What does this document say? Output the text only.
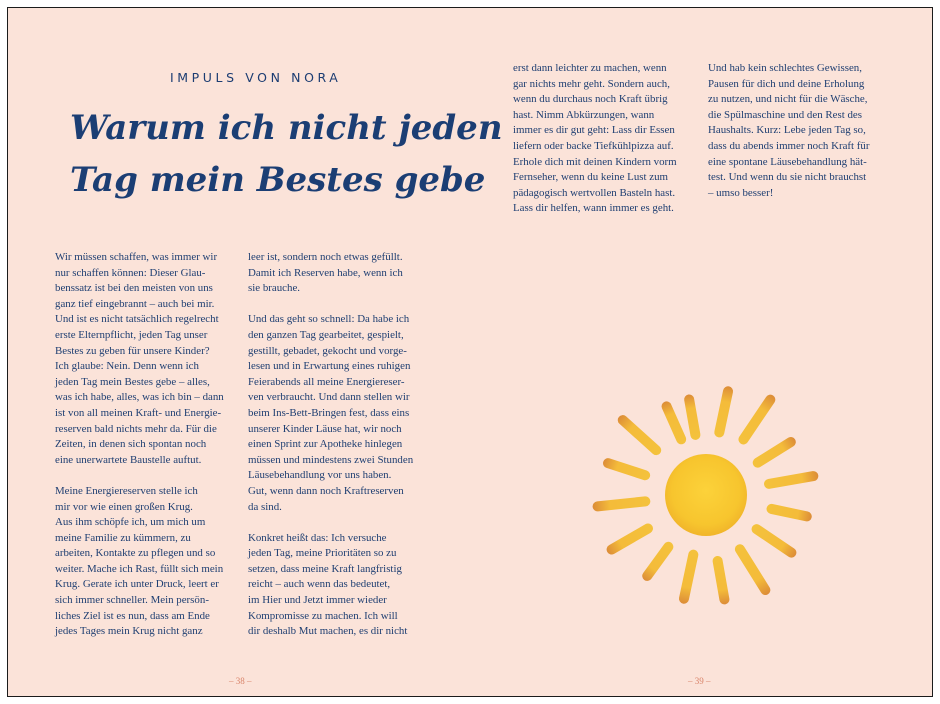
IMPULS VON NORA
Warum ich nicht jeden
Tag mein Bestes gebe

Wir müssen schaffen, was immer wir
nur schaffen können: Dieser Glau-
benssatz ist bei den meisten von uns
ganz tief eingebrannt – auch bei mir.
Und ist es nicht tatsächlich regelrecht
erste Elternpflicht, jeden Tag unser
Bestes zu geben für unsere Kinder?
Ich glaube: Nein. Denn wenn ich
jeden Tag mein Bestes gebe – alles,
was ich habe, alles, was ich bin – dann
ist von all meinen Kraft- und Energie-
reserven bald nichts mehr da. Für die
Zeiten, in denen sich spontan noch
eine unerwartete Baustelle auftut.

Meine Energiereserven stelle ich
mir vor wie einen großen Krug.
Aus ihm schöpfe ich, um mich um
meine Familie zu kümmern, zu
arbeiten, Kontakte zu pflegen und so
weiter. Mache ich Rast, füllt sich mein
Krug. Gerate ich unter Druck, leert er
sich immer schneller. Mein persön-
liches Ziel ist es nun, dass am Ende
jedes Tages mein Krug nicht ganz

leer ist, sondern noch etwas gefüllt.
Damit ich Reserven habe, wenn ich
sie brauche.

Und das geht so schnell: Da habe ich
den ganzen Tag gearbeitet, gespielt,
gestillt, gebadet, gekocht und vorge-
lesen und in Erwartung eines ruhigen
Feierabends all meine Energiereser-
ven verbraucht. Und dann stellen wir
beim Ins-Bett-Bringen fest, dass eins
unserer Kinder Läuse hat, wir noch
einen Sprint zur Apotheke hinlegen
müssen und mindestens zwei Stunden
Läusebehandlung vor uns haben.
Gut, wenn dann noch Kraftreserven
da sind.

Konkret heißt das: Ich versuche
jeden Tag, meine Prioritäten so zu
setzen, dass meine Kraft langfristig
reicht – auch wenn das bedeutet,
im Hier und Jetzt immer wieder
Kompromisse zu machen. Ich will
dir deshalb Mut machen, es dir nicht

erst dann leichter zu machen, wenn
gar nichts mehr geht. Sondern auch,
wenn du durchaus noch Kraft übrig
hast. Nimm Abkürzungen, wann
immer es dir gut geht: Lass dir Essen
liefern oder backe Tiefkühlpizza auf.
Erhole dich mit deinen Kindern vorm
Fernseher, wenn du keine Lust zum
pädagogisch wertvollen Basteln hast.
Lass dir helfen, wann immer es geht.

Und hab kein schlechtes Gewissen,
Pausen für dich und deine Erholung
zu nutzen, und nicht für die Wäsche,
die Spülmaschine und den Rest des
Haushalts. Kurz: Lebe jeden Tag so,
dass du abends immer noch Kraft für
eine spontane Läusebehandlung hät-
test. Und wenn du sie nicht brauchst
– umso besser!

– 38 –	– 39 –
